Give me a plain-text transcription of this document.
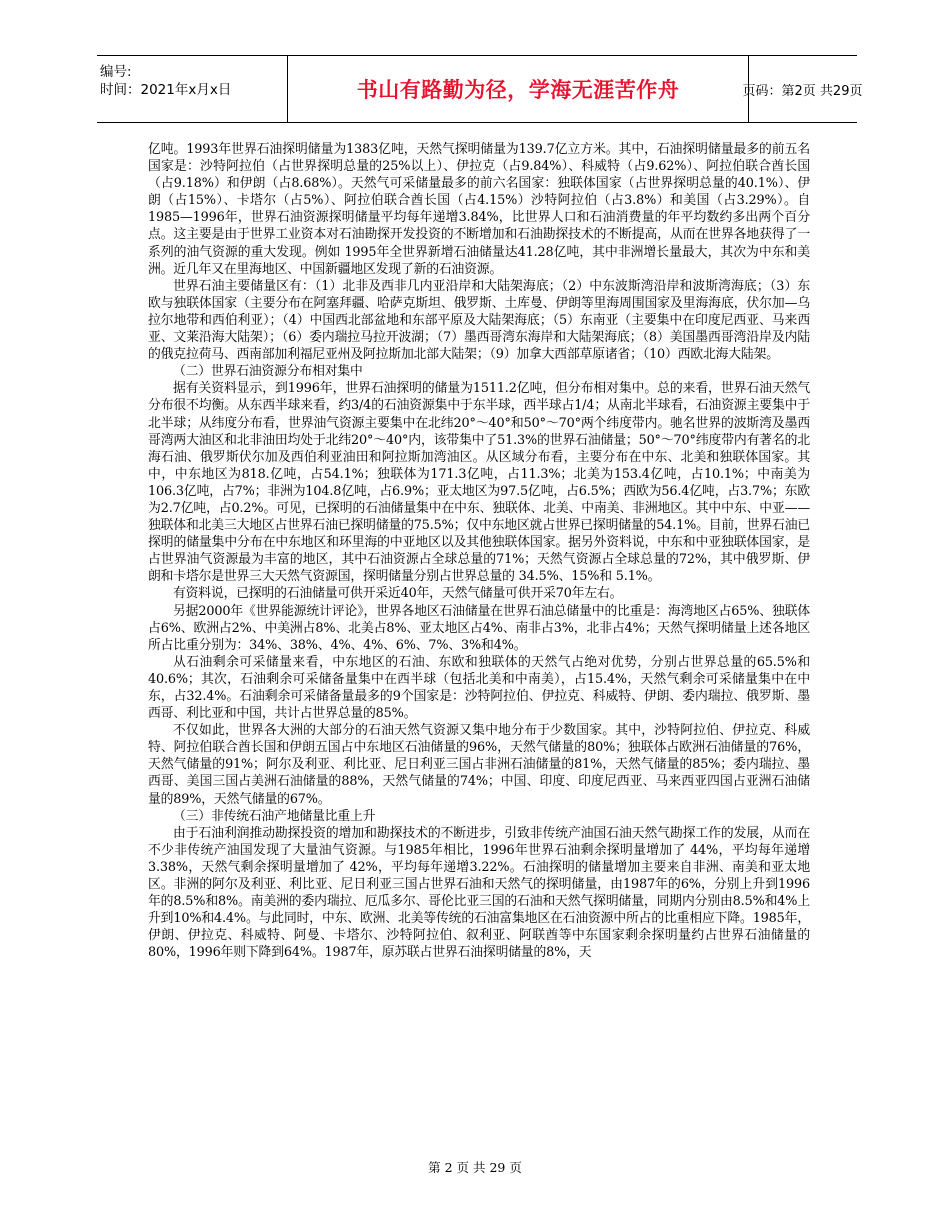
编号:
时间：2021年x月x日	书山有路勤为径，学海无涯苦作舟	页码：第2页 共29页

亿吨。1993年世界石油探明储量为1383亿吨，天然气探明储量为139.7亿立方米。其中，石油探明储量最多的前五名国家是：沙特阿拉伯（占世界探明总量的25%以上）、伊拉克（占9.84%）、科威特（占9.62%）、阿拉伯联合酋长国（占9.18%）和伊朗（占8.68%）。天然气可采储量最多的前六名国家：独联体国家（占世界探明总量的40.1%）、伊朗（占15%）、卡塔尔（占5%）、阿拉伯联合酋长国（占4.15%）沙特阿拉伯（占3.8%）和美国（占3.29%）。自1985—1996年，世界石油资源探明储量平均每年递增3.84%，比世界人口和石油消费量的年平均数约多出两个百分点。这主要是由于世界工业资本对石油勘探开发投资的不断增加和石油勘探技术的不断提高，从而在世界各地获得了一系列的油气资源的重大发现。例如 1995年全世界新增石油储量达41.28亿吨，其中非洲增长量最大，其次为中东和美洲。近几年又在里海地区、中国新疆地区发现了新的石油资源。

世界石油主要储量区有：（1）北非及西非几内亚沿岸和大陆架海底；（2）中东波斯湾沿岸和波斯湾海底；（3）东欧与独联体国家（主要分布在阿塞拜疆、哈萨克斯坦、俄罗斯、土库曼、伊朗等里海周围国家及里海海底，伏尔加—乌拉尔地带和西伯利亚）；（4）中国西北部盆地和东部平原及大陆架海底；（5）东南亚（主要集中在印度尼西亚、马来西亚、文莱沿海大陆架）；（6）委内瑞拉马拉开波湖；（7）墨西哥湾东海岸和大陆架海底；（8）美国墨西哥湾沿岸及内陆的俄克拉荷马、西南部加利福尼亚州及阿拉斯加北部大陆架；（9）加拿大西部草原诸省；（10）西欧北海大陆架。

（二）世界石油资源分布相对集中

据有关资料显示，到1996年，世界石油探明的储量为1511.2亿吨，但分布相对集中。总的来看，世界石油天然气分布很不均衡。从东西半球来看，约3/4的石油资源集中于东半球，西半球占1/4；从南北半球看，石油资源主要集中于北半球；从纬度分布看，世界油气资源主要集中在北纬20°～40°和50°～70°两个纬度带内。驰名世界的波斯湾及墨西哥湾两大油区和北非油田均处于北纬20°～40°内，该带集中了51.3%的世界石油储量；50°～70°纬度带内有著名的北海石油、俄罗斯伏尔加及西伯利亚油田和阿拉斯加湾油区。从区域分布看，主要分布在中东、北美和独联体国家。其中，中东地区为818.亿吨，占54.1%；独联体为171.3亿吨，占11.3%；北美为153.4亿吨，占10.1%；中南美为106.3亿吨，占7%；非洲为104.8亿吨，占6.9%；亚太地区为97.5亿吨，占6.5%；西欧为56.4亿吨，占3.7%；东欧为2.7亿吨，占0.2%。可见，已探明的石油储量集中在中东、独联体、北美、中南美、非洲地区。其中中东、中亚——独联体和北美三大地区占世界石油已探明储量的75.5%；仅中东地区就占世界已探明储量的54.1%。目前，世界石油已探明的储量集中分布在中东地区和环里海的中亚地区以及其他独联体国家。据另外资料说，中东和中亚独联体国家，是占世界油气资源最为丰富的地区，其中石油资源占全球总量的71%；天然气资源占全球总量的72%，其中俄罗斯、伊朗和卡塔尔是世界三大天然气资源国，探明储量分别占世界总量的 34.5%、15%和 5.1%。

有资料说，已探明的石油储量可供开采近40年，天然气储量可供开采70年左右。

另据2000年《世界能源统计评论》，世界各地区石油储量在世界石油总储量中的比重是：海湾地区占65%、独联体占6%、欧洲占2%、中美洲占8%、北美占8%、亚太地区占4%、南非占3%，北非占4%；天然气探明储量上述各地区所占比重分别为：34%、38%、4%、4%、6%、7%、3%和4%。

从石油剩余可采储量来看，中东地区的石油、东欧和独联体的天然气占绝对优势，分别占世界总量的65.5%和40.6%；其次，石油剩余可采储备量集中在西半球（包括北美和中南美），占15.4%，天然气剩余可采储量集中在中东，占32.4%。石油剩余可采储备量最多的9个国家是：沙特阿拉伯、伊拉克、科威特、伊朗、委内瑞拉、俄罗斯、墨西哥、利比亚和中国，共计占世界总量的85%。

不仅如此，世界各大洲的大部分的石油天然气资源又集中地分布于少数国家。其中，沙特阿拉伯、伊拉克、科威特、阿拉伯联合酋长国和伊朗五国占中东地区石油储量的96%，天然气储量的80%；独联体占欧洲石油储量的76%，天然气储量的91%；阿尔及利亚、利比亚、尼日利亚三国占非洲石油储量的81%，天然气储量的85%；委内瑞拉、墨西哥、美国三国占美洲石油储量的88%，天然气储量的74%；中国、印度、印度尼西亚、马来西亚四国占亚洲石油储量的89%，天然气储量的67%。

（三）非传统石油产地储量比重上升

由于石油利润推动勘探投资的增加和勘探技术的不断进步，引致非传统产油国石油天然气勘探工作的发展，从而在不少非传统产油国发现了大量油气资源。与1985年相比，1996年世界石油剩余探明量增加了 44%，平均每年递增 3.38%，天然气剩余探明量增加了 42%，平均每年递增3.22%。石油探明的储量增加主要来自非洲、南美和亚太地区。非洲的阿尔及利亚、利比亚、尼日利亚三国占世界石油和天然气的探明储量，由1987年的6%，分别上升到1996年的8.5%和8%。南美洲的委内瑞拉、厄瓜多尔、哥伦比亚三国的石油和天然气探明储量，同期内分别由8.5%和4%上升到10%和4.4%。与此同时，中东、欧洲、北美等传统的石油富集地区在石油资源中所占的比重相应下降。1985年，伊朗、伊拉克、科威特、阿曼、卡塔尔、沙特阿拉伯、叙利亚、阿联酋等中东国家剩余探明量约占世界石油储量的80%，1996年则下降到64%。1987年，原苏联占世界石油探明储量的8%，天

第 2 页 共 29 页
